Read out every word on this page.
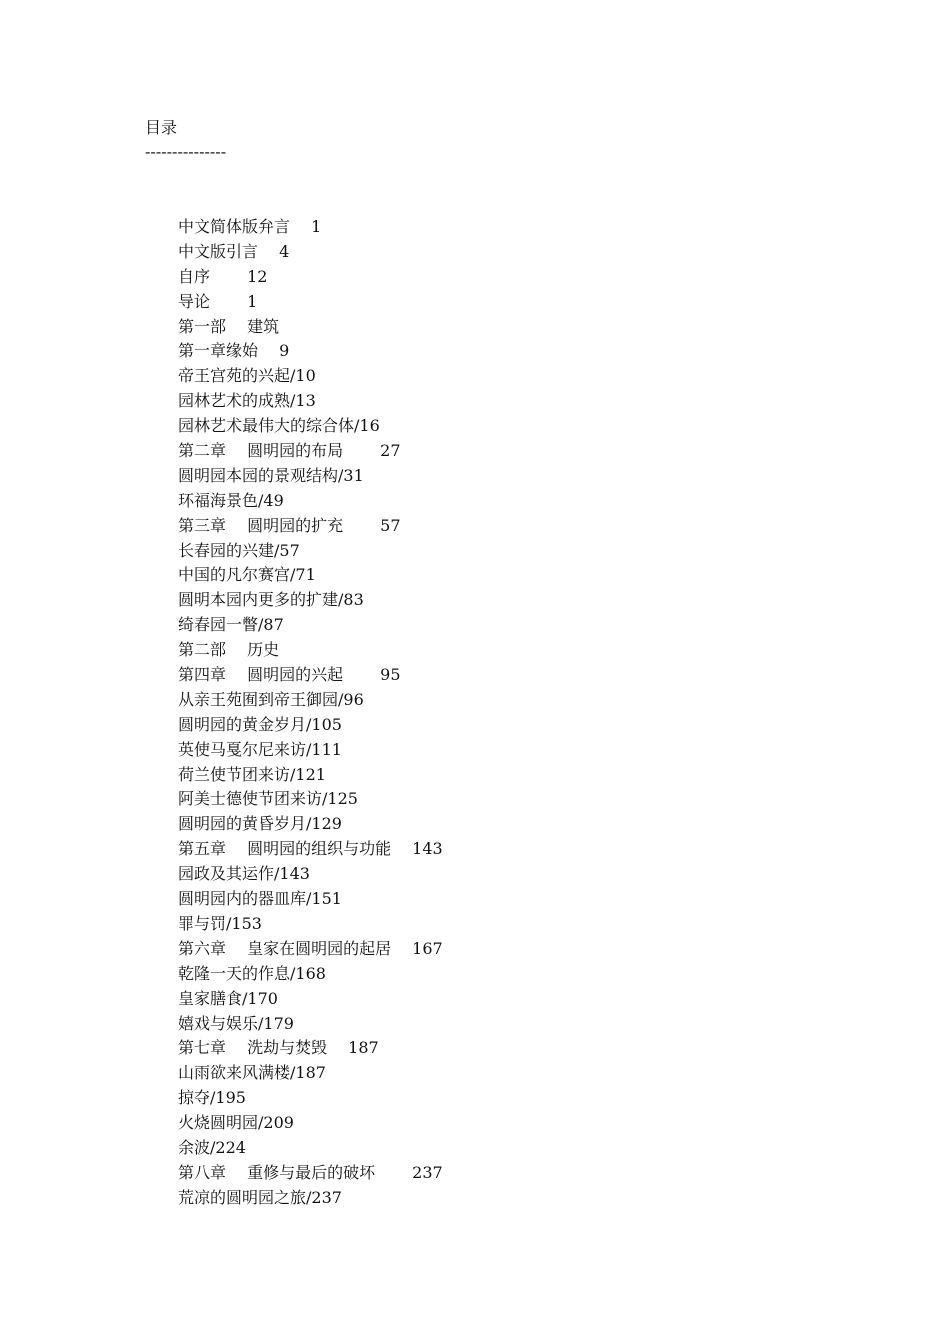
目录
---------------
中文简体版弁言　 1
中文版引言　 4
自序　　 12
导论　　 1
第一部　 建筑
第一章缘始　 9
帝王宫苑的兴起/10
园林艺术的成熟/13
园林艺术最伟大的综合体/16
第二章　 圆明园的布局　　 27
圆明园本园的景观结构/31
环福海景色/49
第三章　 圆明园的扩充　　 57
长春园的兴建/57
中国的凡尔赛宫/71
圆明本园内更多的扩建/83
绮春园一瞥/87
第二部　 历史
第四章　 圆明园的兴起　　 95
从亲王苑囿到帝王御园/96
圆明园的黄金岁月/105
英使马戛尔尼来访/111
荷兰使节团来访/121
阿美士德使节团来访/125
圆明园的黄昏岁月/129
第五章　 圆明园的组织与功能　 143
园政及其运作/143
圆明园内的器皿库/151
罪与罚/153
第六章　 皇家在圆明园的起居　 167
乾隆一天的作息/168
皇家膳食/170
嬉戏与娱乐/179
第七章　 洗劫与焚毁　 187
山雨欲来风满楼/187
掠夺/195
火烧圆明园/209
余波/224
第八章　 重修与最后的破坏　　 237
荒凉的圆明园之旅/237
